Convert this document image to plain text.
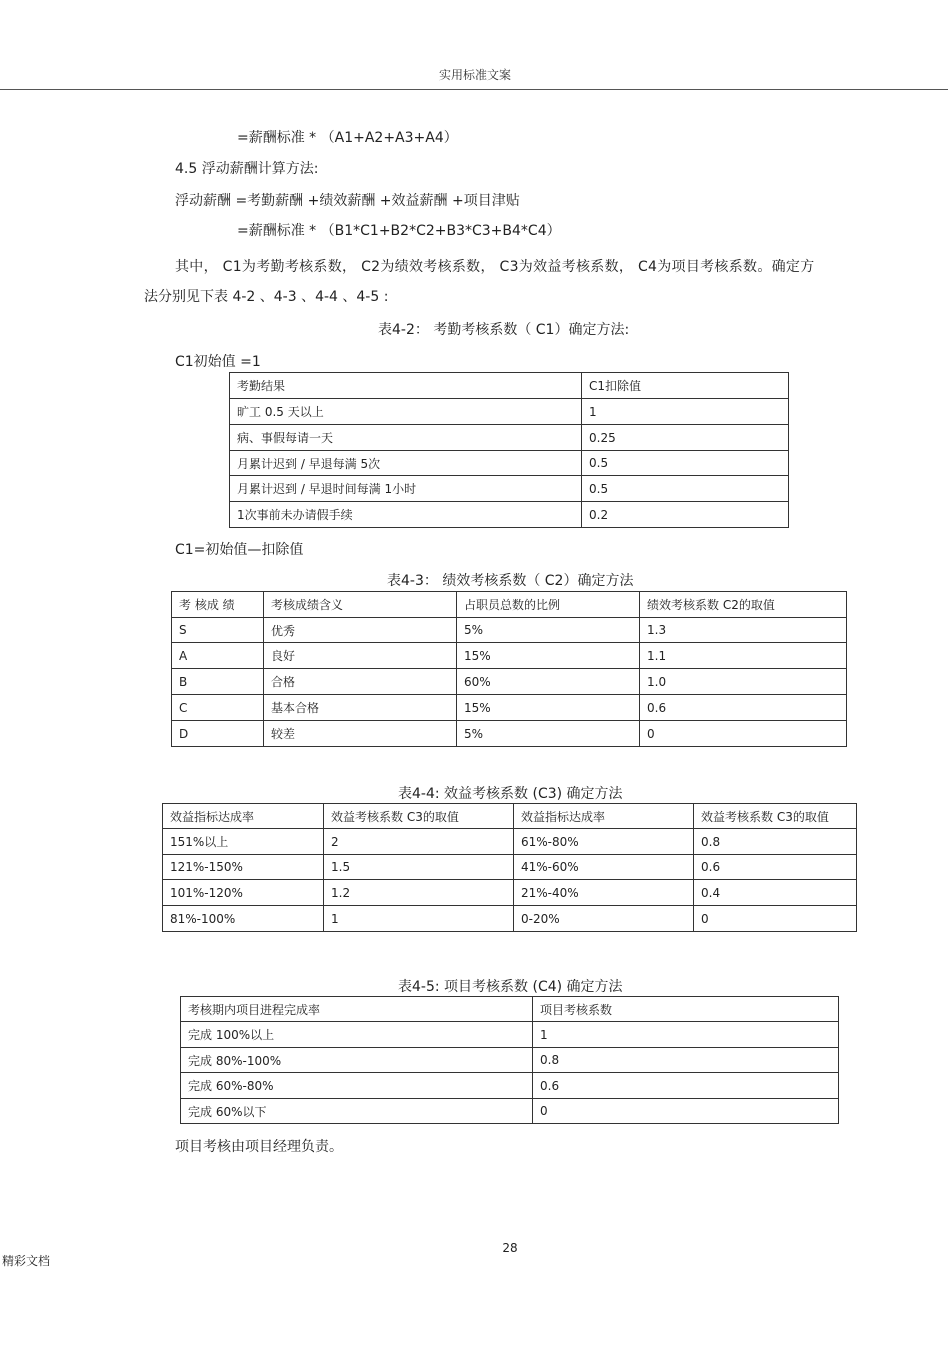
实用标准文案
=薪酬标准 * （A1+A2+A3+A4）
4.5 浮动薪酬计算方法:
浮动薪酬 =考勤薪酬 +绩效薪酬 +效益薪酬 +项目津贴
=薪酬标准 * （B1*C1+B2*C2+B3*C3+B4*C4）
其中， C1为考勤考核系数， C2为绩效考核系数， C3为效益考核系数， C4为项目考核系数。确定方
法分别见下表 4-2 、4-3 、4-4 、4-5 :
表4-2： 考勤考核系数（ C1）确定方法:
C1初始值 =1
考勤结果	C1扣除值
旷工 0.5 天以上	1
病、事假每请一天	0.25
月累计迟到 / 早退每满 5次	0.5
月累计迟到 / 早退时间每满 1小时	0.5
1次事前未办请假手续	0.2
C1=初始值—扣除值
表4-3： 绩效考核系数（ C2）确定方法
考 核成 绩	考核成绩含义	占职员总数的比例	绩效考核系数 C2的取值
S	优秀	5%	1.3
A	良好	15%	1.1
B	合格	60%	1.0
C	基本合格	15%	0.6
D	较差	5%	0
表4-4: 效益考核系数 (C3) 确定方法
效益指标达成率	效益考核系数 C3的取值	效益指标达成率	效益考核系数 C3的取值
151%以上	2	61%-80%	0.8
121%-150%	1.5	41%-60%	0.6
101%-120%	1.2	21%-40%	0.4
81%-100%	1	0-20%	0
表4-5: 项目考核系数 (C4) 确定方法
考核期内项目进程完成率	项目考核系数
完成 100%以上	1
完成 80%-100%	0.8
完成 60%-80%	0.6
完成 60%以下	0
项目考核由项目经理负责。
28
精彩文档
